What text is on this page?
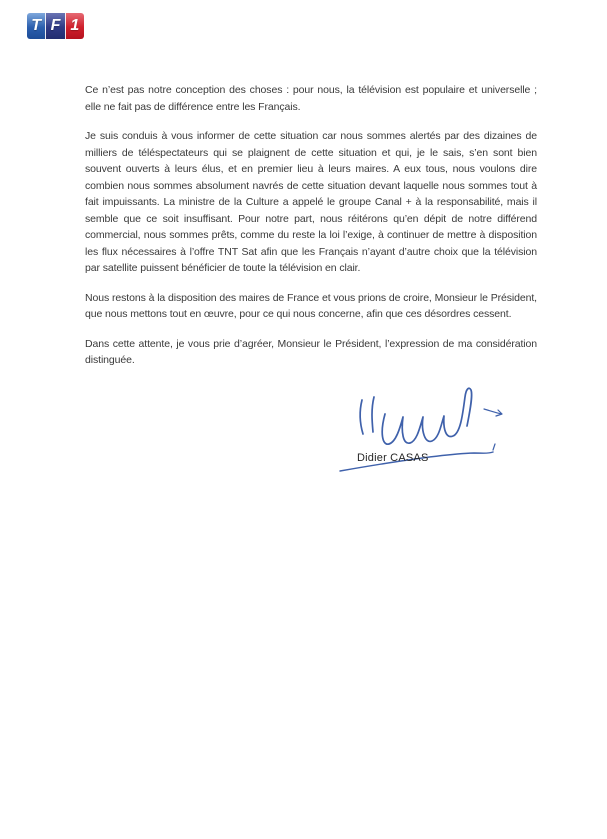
T F 1

Ce n’est pas notre conception des choses : pour nous, la télévision est populaire et universelle ; elle ne fait pas de différence entre les Français.

Je suis conduis à vous informer de cette situation car nous sommes alertés par des dizaines de milliers de téléspectateurs qui se plaignent de cette situation et qui, je le sais, s’en sont bien souvent ouverts à leurs élus, et en premier lieu à leurs maires. A eux tous, nous voulons dire combien nous sommes absolument navrés de cette situation devant laquelle nous sommes tout à fait impuissants. La ministre de la Culture a appelé le groupe Canal + à la responsabilité, mais il semble que ce soit insuffisant. Pour notre part, nous réitérons qu’en dépit de notre différend commercial, nous sommes prêts, comme du reste la loi l’exige, à continuer de mettre à disposition les flux nécessaires à l’offre TNT Sat afin que les Français n’ayant d’autre choix que la télévision par satellite puissent bénéficier de toute la télévision en clair.

Nous restons à la disposition des maires de France et vous prions de croire, Monsieur le Président, que nous mettons tout en œuvre, pour ce qui nous concerne, afin que ces désordres cessent.

Dans cette attente, je vous prie d’agréer, Monsieur le Président, l’expression de ma considération distinguée.

Didier CASAS
